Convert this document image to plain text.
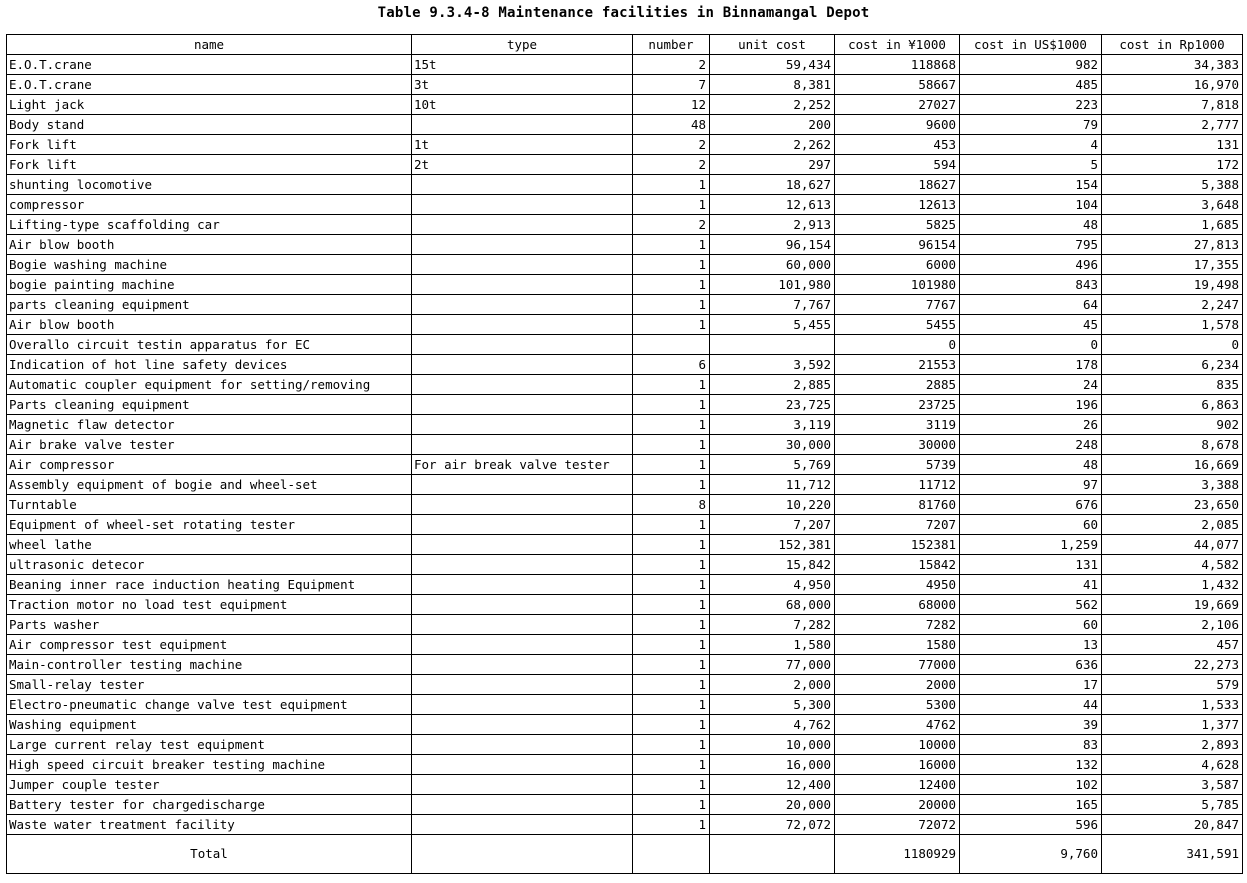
Table 9.3.4-8 Maintenance facilities in Binnamangal Depot
name	type	number	unit cost	cost in ¥1000	cost in US$1000	cost in Rp1000
E.O.T.crane	15t	2	59,434	118868	982	34,383
E.O.T.crane	3t	7	8,381	58667	485	16,970
Light jack	10t	12	2,252	27027	223	7,818
Body stand		48	200	9600	79	2,777
Fork lift	1t	2	2,262	453	4	131
Fork lift	2t	2	297	594	5	172
shunting locomotive		1	18,627	18627	154	5,388
compressor		1	12,613	12613	104	3,648
Lifting-type scaffolding car		2	2,913	5825	48	1,685
Air blow booth		1	96,154	96154	795	27,813
Bogie washing machine		1	60,000	6000	496	17,355
bogie painting machine		1	101,980	101980	843	19,498
parts cleaning equipment		1	7,767	7767	64	2,247
Air blow booth		1	5,455	5455	45	1,578
Overallo circuit testin apparatus for EC				0	0	0
Indication of hot line safety devices		6	3,592	21553	178	6,234
Automatic coupler equipment for setting/removing		1	2,885	2885	24	835
Parts cleaning equipment		1	23,725	23725	196	6,863
Magnetic flaw detector		1	3,119	3119	26	902
Air brake valve tester		1	30,000	30000	248	8,678
Air compressor	For air break valve tester	1	5,769	5739	48	16,669
Assembly equipment of bogie and wheel-set		1	11,712	11712	97	3,388
Turntable		8	10,220	81760	676	23,650
Equipment of wheel-set rotating tester		1	7,207	7207	60	2,085
wheel lathe		1	152,381	152381	1,259	44,077
ultrasonic detecor		1	15,842	15842	131	4,582
Beaning inner race induction heating Equipment		1	4,950	4950	41	1,432
Traction motor no load test equipment		1	68,000	68000	562	19,669
Parts washer		1	7,282	7282	60	2,106
Air compressor test equipment		1	1,580	1580	13	457
Main-controller testing machine		1	77,000	77000	636	22,273
Small-relay tester		1	2,000	2000	17	579
Electro-pneumatic change valve test equipment		1	5,300	5300	44	1,533
Washing equipment		1	4,762	4762	39	1,377
Large current relay test equipment		1	10,000	10000	83	2,893
High speed circuit breaker testing machine		1	16,000	16000	132	4,628
Jumper couple tester		1	12,400	12400	102	3,587
Battery tester for chargedischarge		1	20,000	20000	165	5,785
Waste water treatment facility		1	72,072	72072	596	20,847
Total				1180929	9,760	341,591
